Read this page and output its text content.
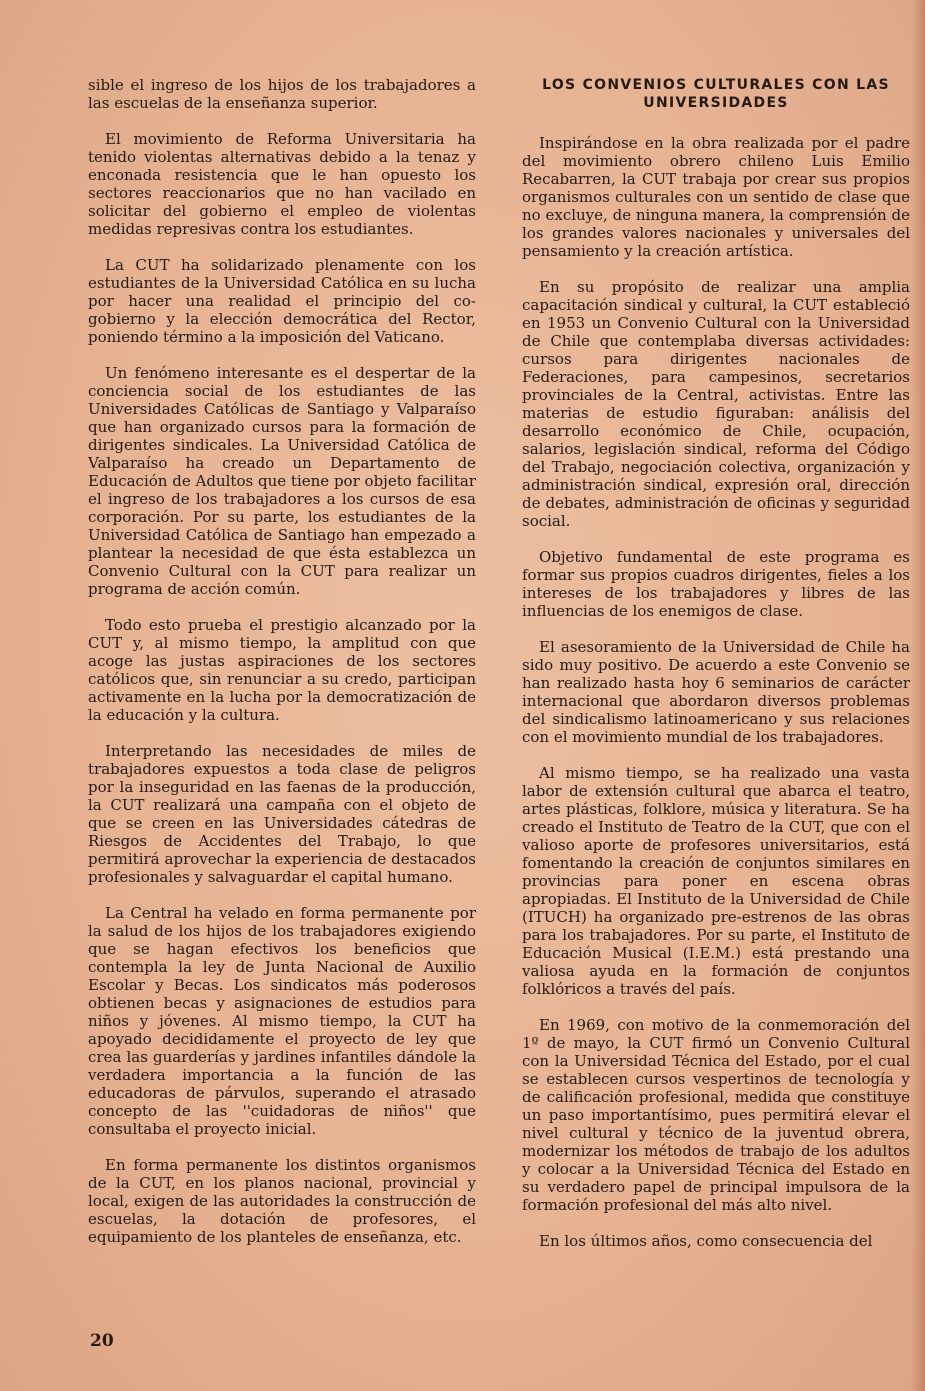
sible el ingreso de los hijos de los trabajadores a las escuelas de la enseñanza superior.

El movimiento de Reforma Universitaria ha tenido violentas alternativas debido a la tenaz y enconada resistencia que le han opuesto los sectores reaccionarios que no han vacilado en solicitar del gobierno el empleo de violentas medidas represivas contra los estudiantes.

La CUT ha solidarizado plenamente con los estudiantes de la Universidad Católica en su lucha por hacer una realidad el principio del co-gobierno y la elección democrática del Rector, poniendo término a la imposición del Vaticano.

Un fenómeno interesante es el despertar de la conciencia social de los estudiantes de las Universidades Católicas de Santiago y Valparaíso que han organizado cursos para la formación de dirigentes sindicales. La Universidad Católica de Valparaíso ha creado un Departamento de Educación de Adultos que tiene por objeto facilitar el ingreso de los trabajadores a los cursos de esa corporación. Por su parte, los estudiantes de la Universidad Católica de Santiago han empezado a plantear la necesidad de que ésta establezca un Convenio Cultural con la CUT para realizar un programa de acción común.

Todo esto prueba el prestigio alcanzado por la CUT y, al mismo tiempo, la amplitud con que acoge las justas aspiraciones de los sectores católicos que, sin renunciar a su credo, participan activamente en la lucha por la democratización de la educación y la cultura.

Interpretando las necesidades de miles de trabajadores expuestos a toda clase de peligros por la inseguridad en las faenas de la producción, la CUT realizará una campaña con el objeto de que se creen en las Universidades cátedras de Riesgos de Accidentes del Trabajo, lo que permitirá aprovechar la experiencia de destacados profesionales y salvaguardar el capital humano.

La Central ha velado en forma permanente por la salud de los hijos de los trabajadores exigiendo que se hagan efectivos los beneficios que contempla la ley de Junta Nacional de Auxilio Escolar y Becas. Los sindicatos más poderosos obtienen becas y asignaciones de estudios para niños y jóvenes. Al mismo tiempo, la CUT ha apoyado decididamente el proyecto de ley que crea las guarderías y jardines infantiles dándole la verdadera importancia a la función de las educadoras de párvulos, superando el atrasado concepto de las ''cuidadoras de niños'' que consultaba el proyecto inicial.

En forma permanente los distintos organismos de la CUT, en los planos nacional, provincial y local, exigen de las autoridades la construcción de escuelas, la dotación de profesores, el equipamiento de los planteles de enseñanza, etc.

LOS CONVENIOS CULTURALES CON LAS UNIVERSIDADES

Inspirándose en la obra realizada por el padre del movimiento obrero chileno Luis Emilio Recabarren, la CUT trabaja por crear sus propios organismos culturales con un sentido de clase que no excluye, de ninguna manera, la comprensión de los grandes valores nacionales y universales del pensamiento y la creación artística.

En su propósito de realizar una amplia capacitación sindical y cultural, la CUT estableció en 1953 un Convenio Cultural con la Universidad de Chile que contemplaba diversas actividades: cursos para dirigentes nacionales de Federaciones, para campesinos, secretarios provinciales de la Central, activistas. Entre las materias de estudio figuraban: análisis del desarrollo económico de Chile, ocupación, salarios, legislación sindical, reforma del Código del Trabajo, negociación colectiva, organización y administración sindical, expresión oral, dirección de debates, administración de oficinas y seguridad social.

Objetivo fundamental de este programa es formar sus propios cuadros dirigentes, fieles a los intereses de los trabajadores y libres de las influencias de los enemigos de clase.

El asesoramiento de la Universidad de Chile ha sido muy positivo. De acuerdo a este Convenio se han realizado hasta hoy 6 seminarios de carácter internacional que abordaron diversos problemas del sindicalismo latinoamericano y sus relaciones con el movimiento mundial de los trabajadores.

Al mismo tiempo, se ha realizado una vasta labor de extensión cultural que abarca el teatro, artes plásticas, folklore, música y literatura. Se ha creado el Instituto de Teatro de la CUT, que con el valioso aporte de profesores universitarios, está fomentando la creación de conjuntos similares en provincias para poner en escena obras apropiadas. El Instituto de la Universidad de Chile (ITUCH) ha organizado pre-estrenos de las obras para los trabajadores. Por su parte, el Instituto de Educación Musical (I.E.M.) está prestando una valiosa ayuda en la formación de conjuntos folklóricos a través del país.

En 1969, con motivo de la conmemoración del 1º de mayo, la CUT firmó un Convenio Cultural con la Universidad Técnica del Estado, por el cual se establecen cursos vespertinos de tecnología y de calificación profesional, medida que constituye un paso importantísimo, pues permitirá elevar el nivel cultural y técnico de la juventud obrera, modernizar los métodos de trabajo de los adultos y colocar a la Universidad Técnica del Estado en su verdadero papel de principal impulsora de la formación profesional del más alto nivel.

En los últimos años, como consecuencia del

20
